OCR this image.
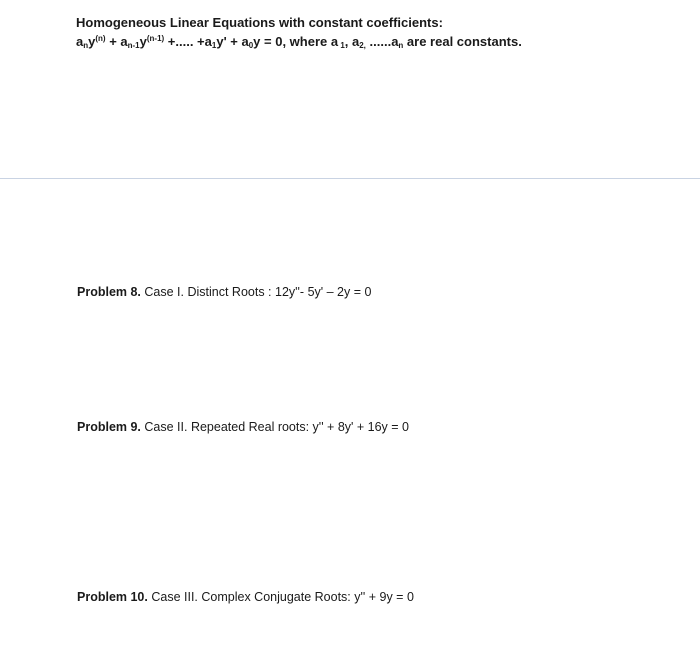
Homogeneous Linear Equations with constant coefficients:
$a_ny^{(n)} + a_{n-1}y^{(n-1)}$ +..... $+a_1y' + a_0y = 0$, where a $_1$, $a_{2,}$ $......a_n$ are real constants.
Problem 8. Case I. Distinct Roots : 12y''- 5y' – 2y = 0
Problem 9. Case II. Repeated Real roots: y'' + 8y' + 16y = 0
Problem 10. Case III. Complex Conjugate Roots: y'' + 9y = 0
